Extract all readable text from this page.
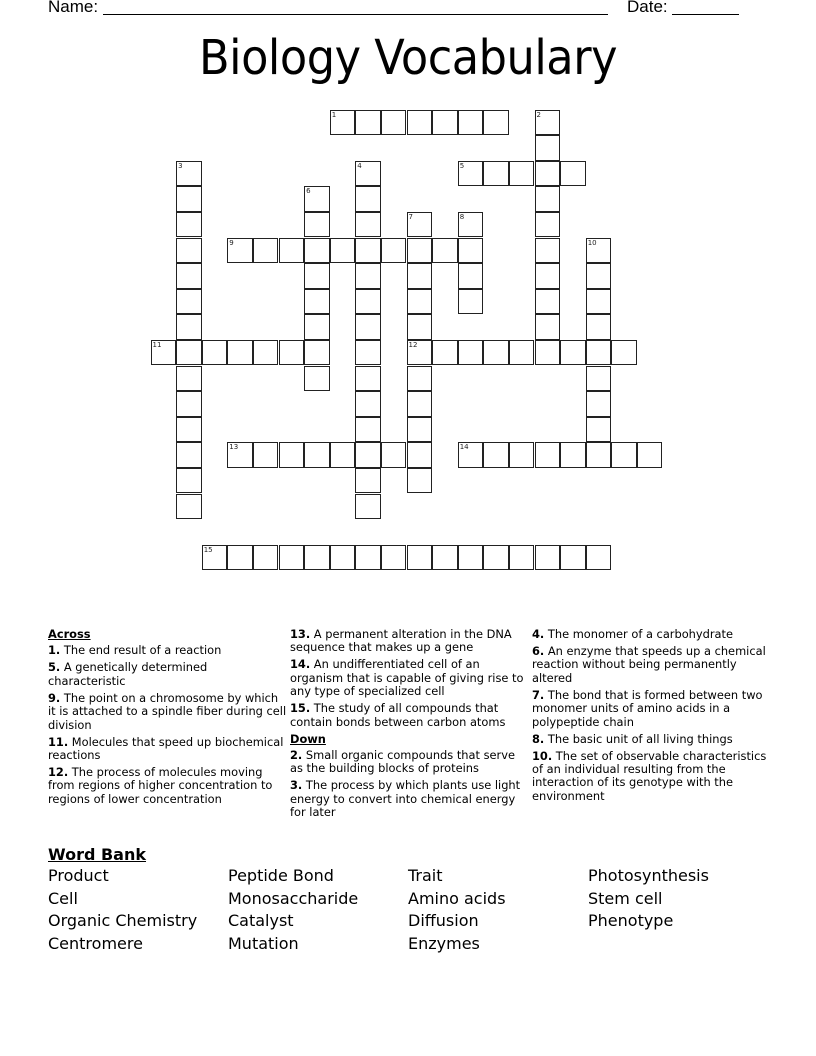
Name:	Date:
Biology Vocabulary
1	2
3	4	5
6
7
12
8
9	10
11
13	14
15
Across
1. The end result of a reaction
5. A genetically determined characteristic
9. The point on a chromosome by which it is attached to a spindle fiber during cell division
11. Molecules that speed up biochemical reactions
12. The process of molecules moving from regions of higher concentration to regions of lower concentration
13. A permanent alteration in the DNA sequence that makes up a gene
14. An undifferentiated cell of an organism that is capable of giving rise to any type of specialized cell
15. The study of all compounds that contain bonds between carbon atoms
Down
2. Small organic compounds that serve as the building blocks of proteins
3. The process by which plants use light energy to convert into chemical energy for later
4. The monomer of a carbohydrate
6. An enzyme that speeds up a chemical reaction without being permanently altered
7. The bond that is formed between two monomer units of amino acids in a polypeptide chain
8. The basic unit of all living things
10. The set of observable characteristics of an individual resulting from the interaction of its genotype with the environment
Word Bank
Product
Cell
Organic Chemistry
Centromere
Peptide Bond
Monosaccharide
Catalyst
Mutation
Trait
Amino acids
Diffusion
Enzymes
Photosynthesis
Stem cell
Phenotype
